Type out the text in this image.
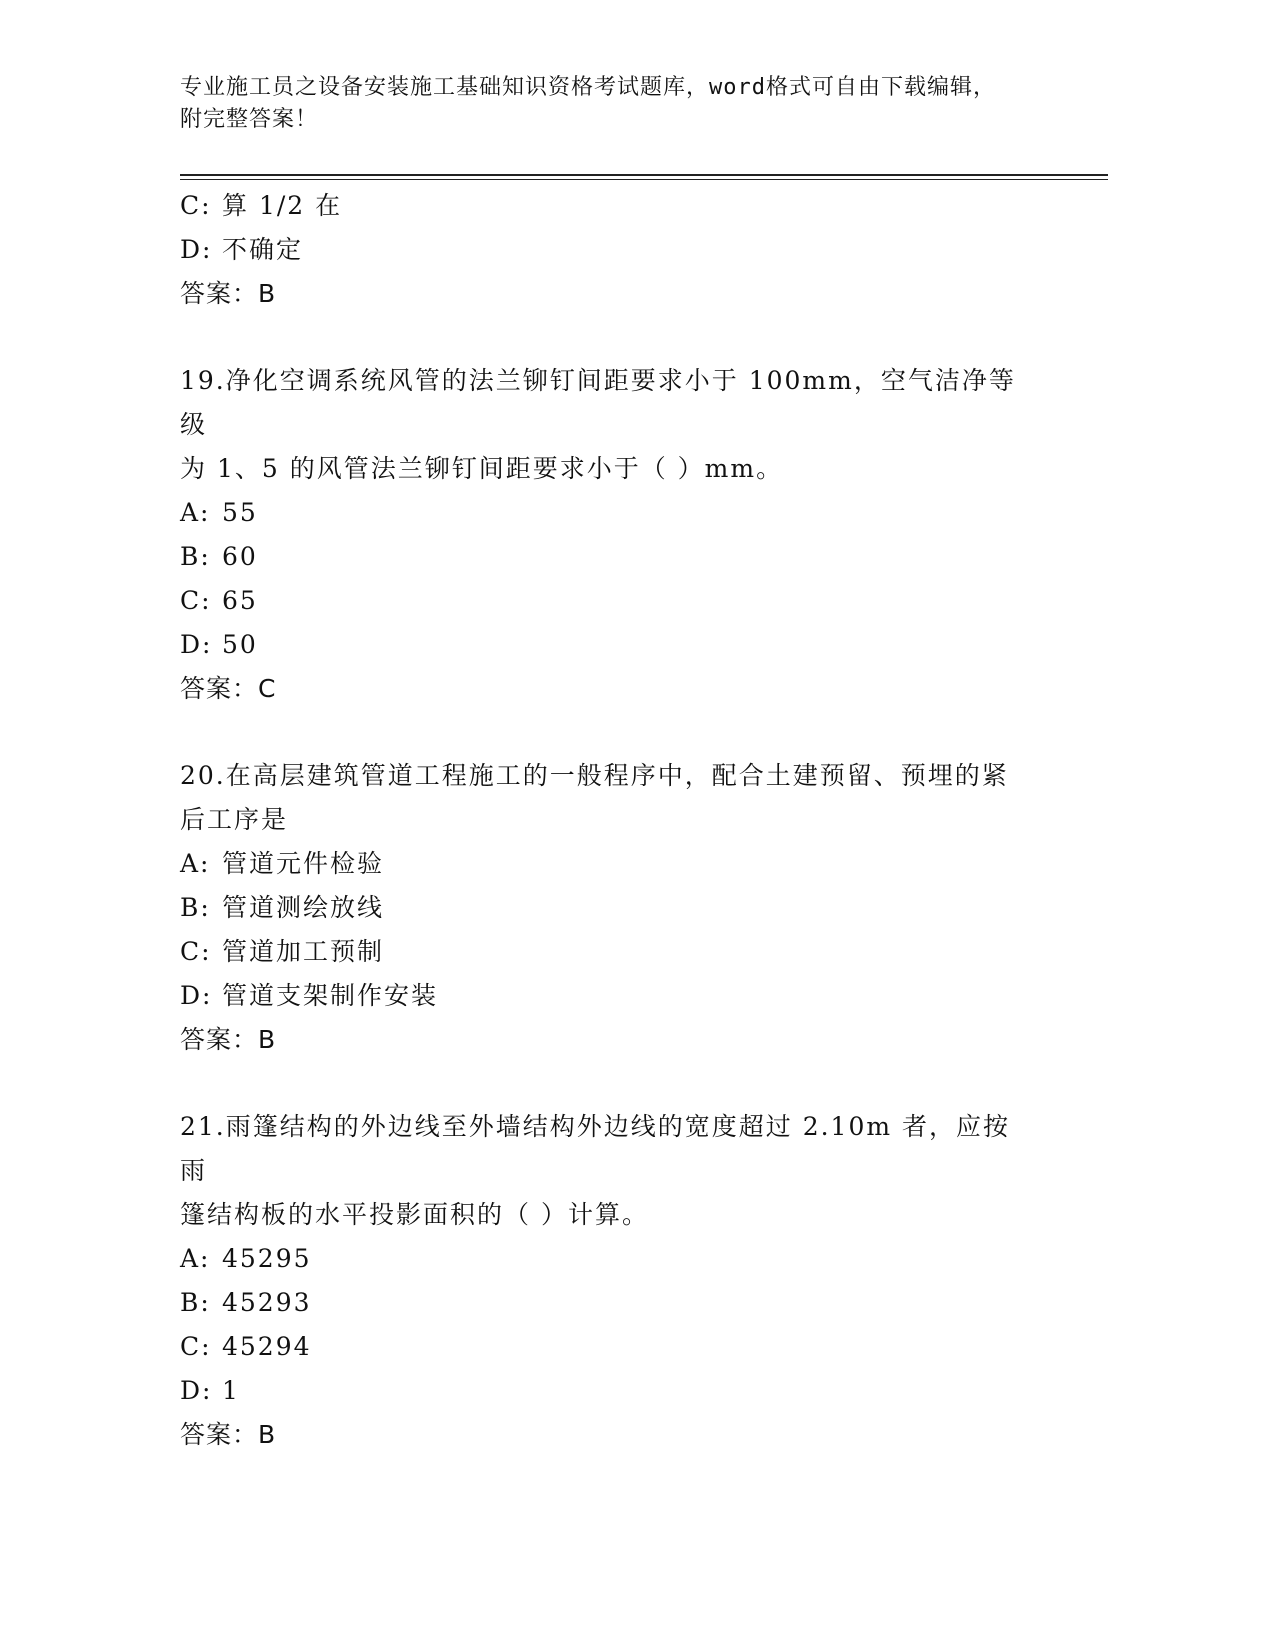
专业施工员之设备安装施工基础知识资格考试题库，word格式可自由下载编辑，
附完整答案！
C: 算 1/2 在
D: 不确定
答案：B
19.净化空调系统风管的法兰铆钉间距要求小于 100mm，空气洁净等级
为 1、5 的风管法兰铆钉间距要求小于（ ）mm。
A: 55
B: 60
C: 65
D: 50
答案：C
20.在高层建筑管道工程施工的一般程序中，配合土建预留、预埋的紧
后工序是
A: 管道元件检验
B: 管道测绘放线
C: 管道加工预制
D: 管道支架制作安装
答案：B
21.雨篷结构的外边线至外墙结构外边线的宽度超过 2.10m 者，应按雨
篷结构板的水平投影面积的（ ）计算。
A: 45295
B: 45293
C: 45294
D: 1
答案：B
